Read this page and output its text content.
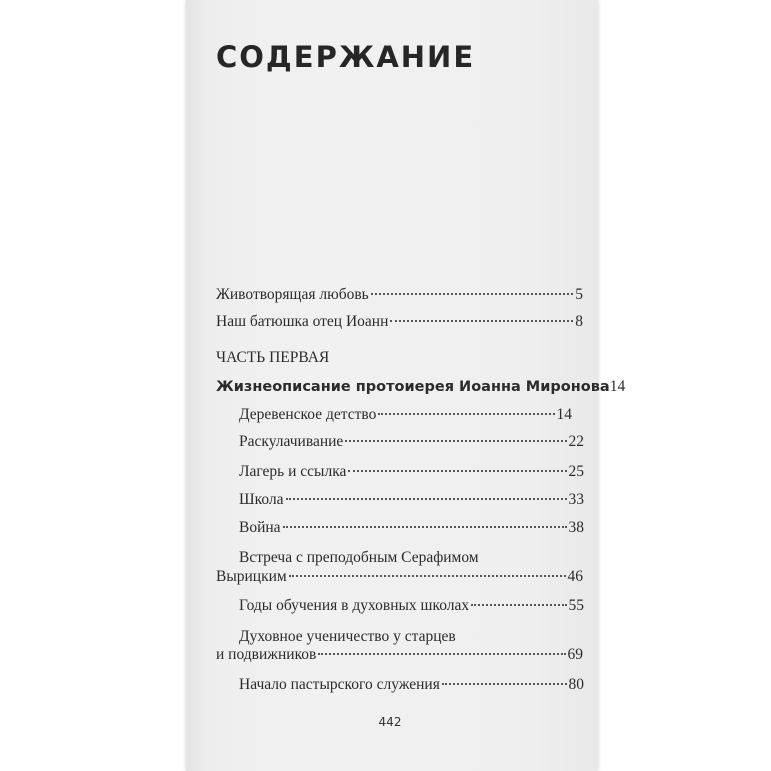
СОДЕРЖАНИЕ
Животворящая любовь	5
Наш батюшка отец Иоанн	8
ЧАСТЬ ПЕРВАЯ
Жизнеописание протоиерея Иоанна Миронова 14
Деревенское детство	14
Раскулачивание	22
Лагерь и ссылка	25
Школа	33
Война	38
Встреча с преподобным Серафимом
Вырицким	46
Годы обучения в духовных школах	55
Духовное ученичество у старцев
и подвижников	69
Начало пастырского служения	80
442
